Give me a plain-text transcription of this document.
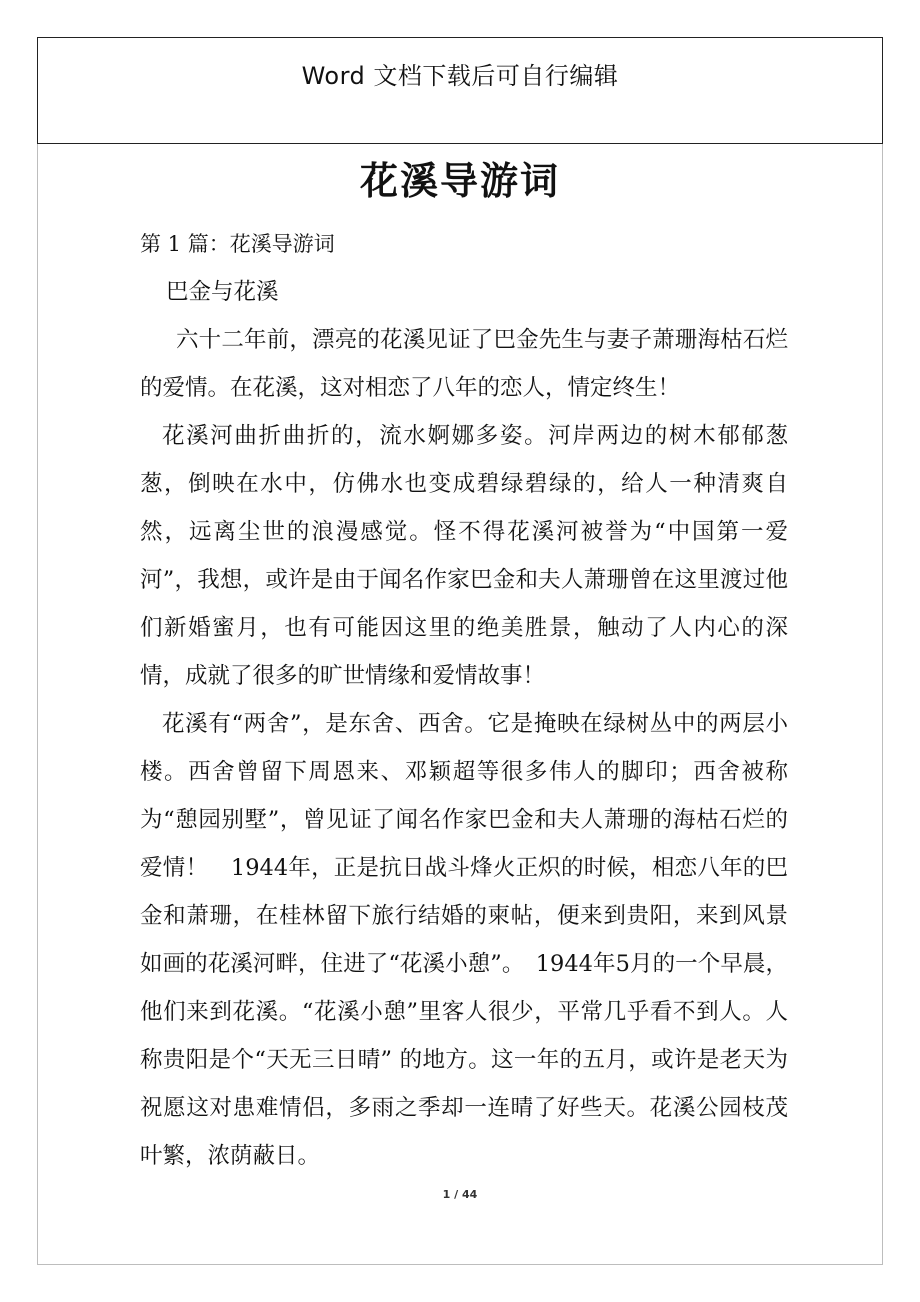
Word 文档下载后可自行编辑
花溪导游词

第 1 篇：花溪导游词

巴金与花溪

六十二年前，漂亮的花溪见证了巴金先生与妻子萧珊海枯石烂的爱情。在花溪，这对相恋了八年的恋人，情定终生！

花溪河曲折曲折的，流水婀娜多姿。河岸两边的树木郁郁葱葱，倒映在水中，仿佛水也变成碧绿碧绿的，给人一种清爽自然，远离尘世的浪漫感觉。怪不得花溪河被誉为“中国第一爱河”，我想，或许是由于闻名作家巴金和夫人萧珊曾在这里渡过他们新婚蜜月，也有可能因这里的绝美胜景，触动了人内心的深情，成就了很多的旷世情缘和爱情故事！

花溪有“两舍”，是东舍、西舍。它是掩映在绿树丛中的两层小楼。西舍曾留下周恩来、邓颖超等很多伟人的脚印；西舍被称为“憩园别墅”，曾见证了闻名作家巴金和夫人萧珊的海枯石烂的爱情！　1944年，正是抗日战斗烽火正炽的时候，相恋八年的巴金和萧珊，在桂林留下旅行结婚的柬帖，便来到贵阳，来到风景如画的花溪河畔，住进了“花溪小憩”。　1944年5月的一个早晨，他们来到花溪。“花溪小憩”里客人很少，平常几乎看不到人。人称贵阳是个“天无三日晴” 的地方。这一年的五月，或许是老天为祝愿这对患难情侣，多雨之季却一连晴了好些天。花溪公园枝茂叶繁，浓荫蔽日。

1 / 44
